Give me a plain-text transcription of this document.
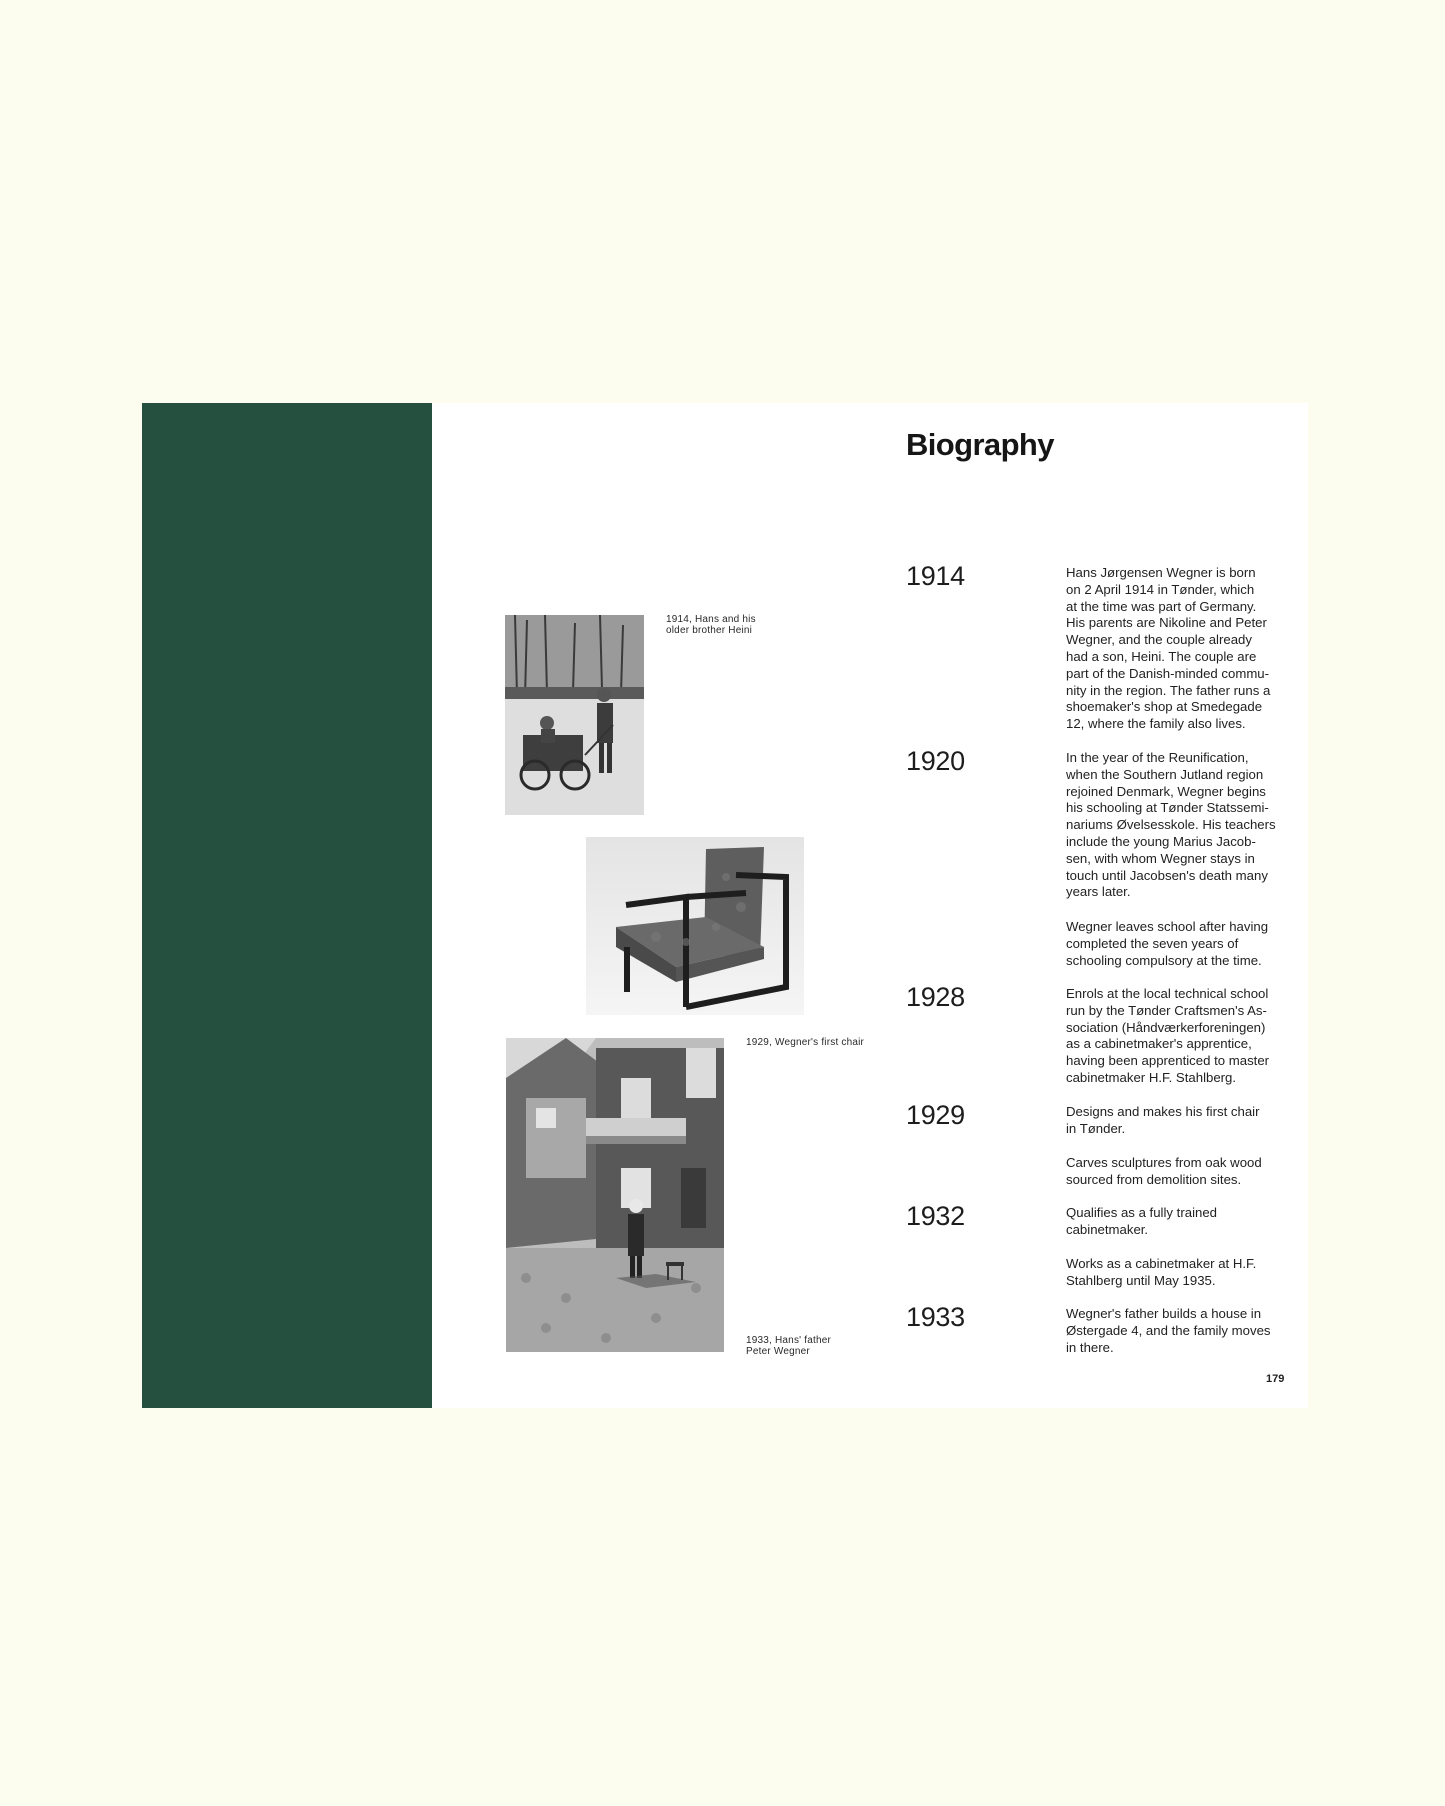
1914, Hans and his
older brother Heini
1929, Wegner's first chair
1933, Hans' father
Peter Wegner
Biography
1914	Hans Jørgensen Wegner is born
on 2 April 1914 in Tønder, which
at the time was part of Germany.
His parents are Nikoline and Peter
Wegner, and the couple already
had a son, Heini. The couple are
part of the Danish-minded commu-
nity in the region. The father runs a
shoemaker's shop at Smedegade
12, where the family also lives.
1920	In the year of the Reunification,
when the Southern Jutland region
rejoined Denmark, Wegner begins
his schooling at Tønder Statssemi-
nariums Øvelsesskole. His teachers
include the young Marius Jacob-
sen, with whom Wegner stays in
touch until Jacobsen's death many
years later.
Wegner leaves school after having
completed the seven years of
schooling compulsory at the time.
1928	Enrols at the local technical school
run by the Tønder Craftsmen's As-
sociation (Håndværkerforeningen)
as a cabinetmaker's apprentice,
having been apprenticed to master
cabinetmaker H.F. Stahlberg.
1929	Designs and makes his first chair
in Tønder.
Carves sculptures from oak wood
sourced from demolition sites.
1932	Qualifies as a fully trained
cabinetmaker.
Works as a cabinetmaker at H.F.
Stahlberg until May 1935.
1933	Wegner's father builds a house in
Østergade 4, and the family moves
in there.
179
